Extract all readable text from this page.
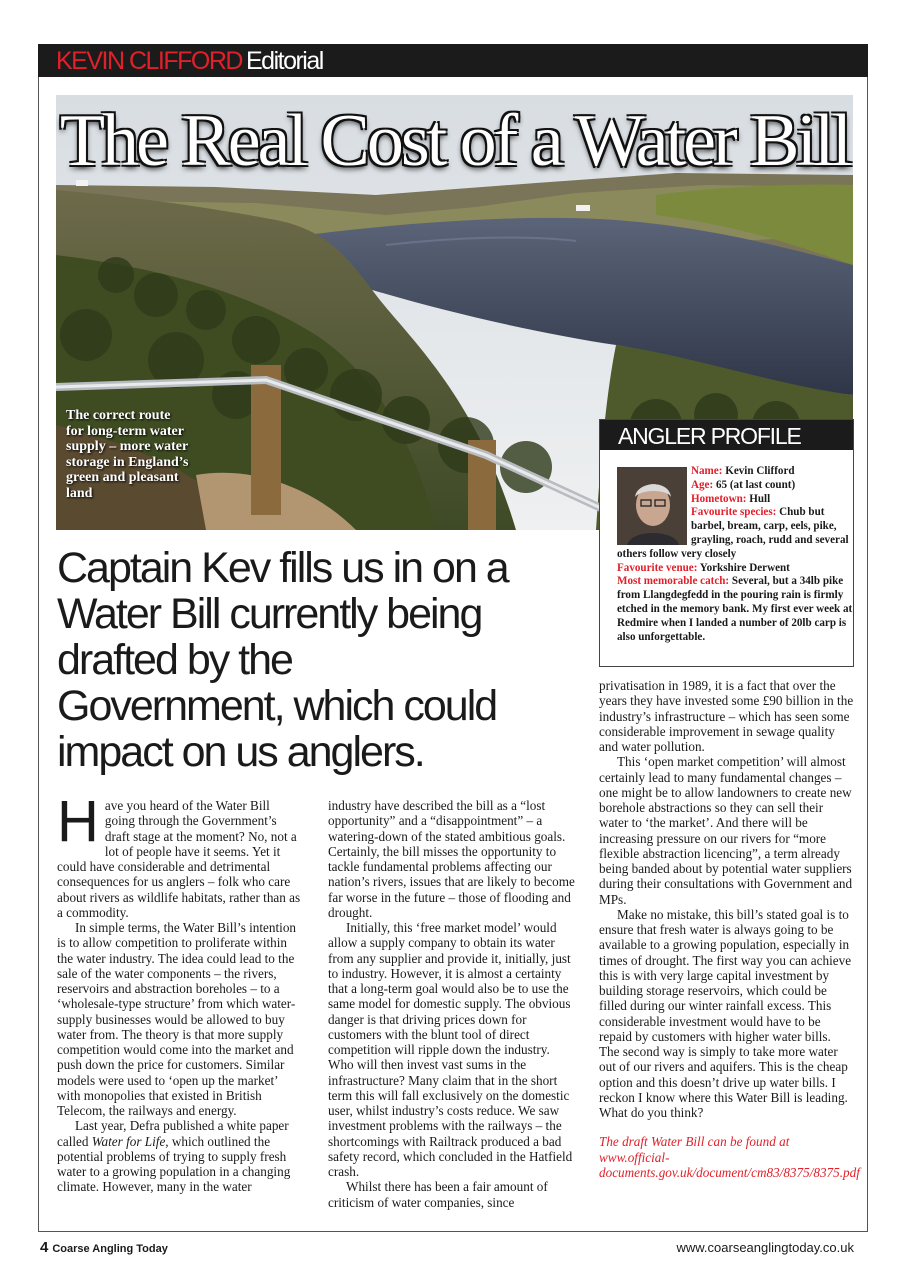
KEVIN CLIFFORD Editorial
The Real Cost of a Water Bill
The correct route for long-term water supply – more water storage in England’s green and pleasant land
ANGLER PROFILE
Name: Kevin Clifford
Age: 65 (at last count)
Hometown: Hull
Favourite species: Chub but barbel, bream, carp, eels, pike, grayling, roach, rudd and several others follow very closely
Favourite venue: Yorkshire Derwent
Most memorable catch: Several, but a 34lb pike from Llangdegfedd in the pouring rain is firmly etched in the memory bank. My first ever week at Redmire when I landed a number of 20lb carp is also unforgettable.
Captain Kev fills us in on a Water Bill currently being drafted by the Government, which could impact on us anglers.

Have you heard of the Water Bill going through the Government’s draft stage at the moment? No, not a lot of people have it seems. Yet it could have considerable and detrimental consequences for us anglers – folk who care about rivers as wildlife habitats, rather than as a commodity.

In simple terms, the Water Bill’s intention is to allow competition to proliferate within the water industry. The idea could lead to the sale of the water components – the rivers, reservoirs and abstraction boreholes – to a ‘wholesale-type structure’ from which water-supply businesses would be allowed to buy water from. The theory is that more supply competition would come into the market and push down the price for customers. Similar models were used to ‘open up the market’ with monopolies that existed in British Telecom, the railways and energy.

Last year, Defra published a white paper called Water for Life, which outlined the potential problems of trying to supply fresh water to a growing population in a changing climate. However, many in the water

industry have described the bill as a “lost opportunity” and a “disappointment” – a watering-down of the stated ambitious goals. Certainly, the bill misses the opportunity to tackle fundamental problems affecting our nation’s rivers, issues that are likely to become far worse in the future – those of flooding and drought.

Initially, this ‘free market model’ would allow a supply company to obtain its water from any supplier and provide it, initially, just to industry. However, it is almost a certainty that a long-term goal would also be to use the same model for domestic supply. The obvious danger is that driving prices down for customers with the blunt tool of direct competition will ripple down the industry. Who will then invest vast sums in the infrastructure? Many claim that in the short term this will fall exclusively on the domestic user, whilst industry’s costs reduce. We saw investment problems with the railways – the shortcomings with Railtrack produced a bad safety record, which concluded in the Hatfield crash.

Whilst there has been a fair amount of criticism of water companies, since

privatisation in 1989, it is a fact that over the years they have invested some £90 billion in the industry’s infrastructure – which has seen some considerable improvement in sewage quality and water pollution.

This ‘open market competition’ will almost certainly lead to many fundamental changes – one might be to allow landowners to create new borehole abstractions so they can sell their water to ‘the market’. And there will be increasing pressure on our rivers for “more flexible abstraction licencing”, a term already being banded about by potential water suppliers during their consultations with Government and MPs.

Make no mistake, this bill’s stated goal is to ensure that fresh water is always going to be available to a growing population, especially in times of drought. The first way you can achieve this is with very large capital investment by building storage reservoirs, which could be filled during our winter rainfall excess. This considerable investment would have to be repaid by customers with higher water bills. The second way is simply to take more water out of our rivers and aquifers. This is the cheap option and this doesn’t drive up water bills. I reckon I know where this Water Bill is leading. What do you think?

The draft Water Bill can be found at www.official-documents.gov.uk/document/cm83/8375/8375.pdf

4 Coarse Angling Today	www.coarseanglingtoday.co.uk
